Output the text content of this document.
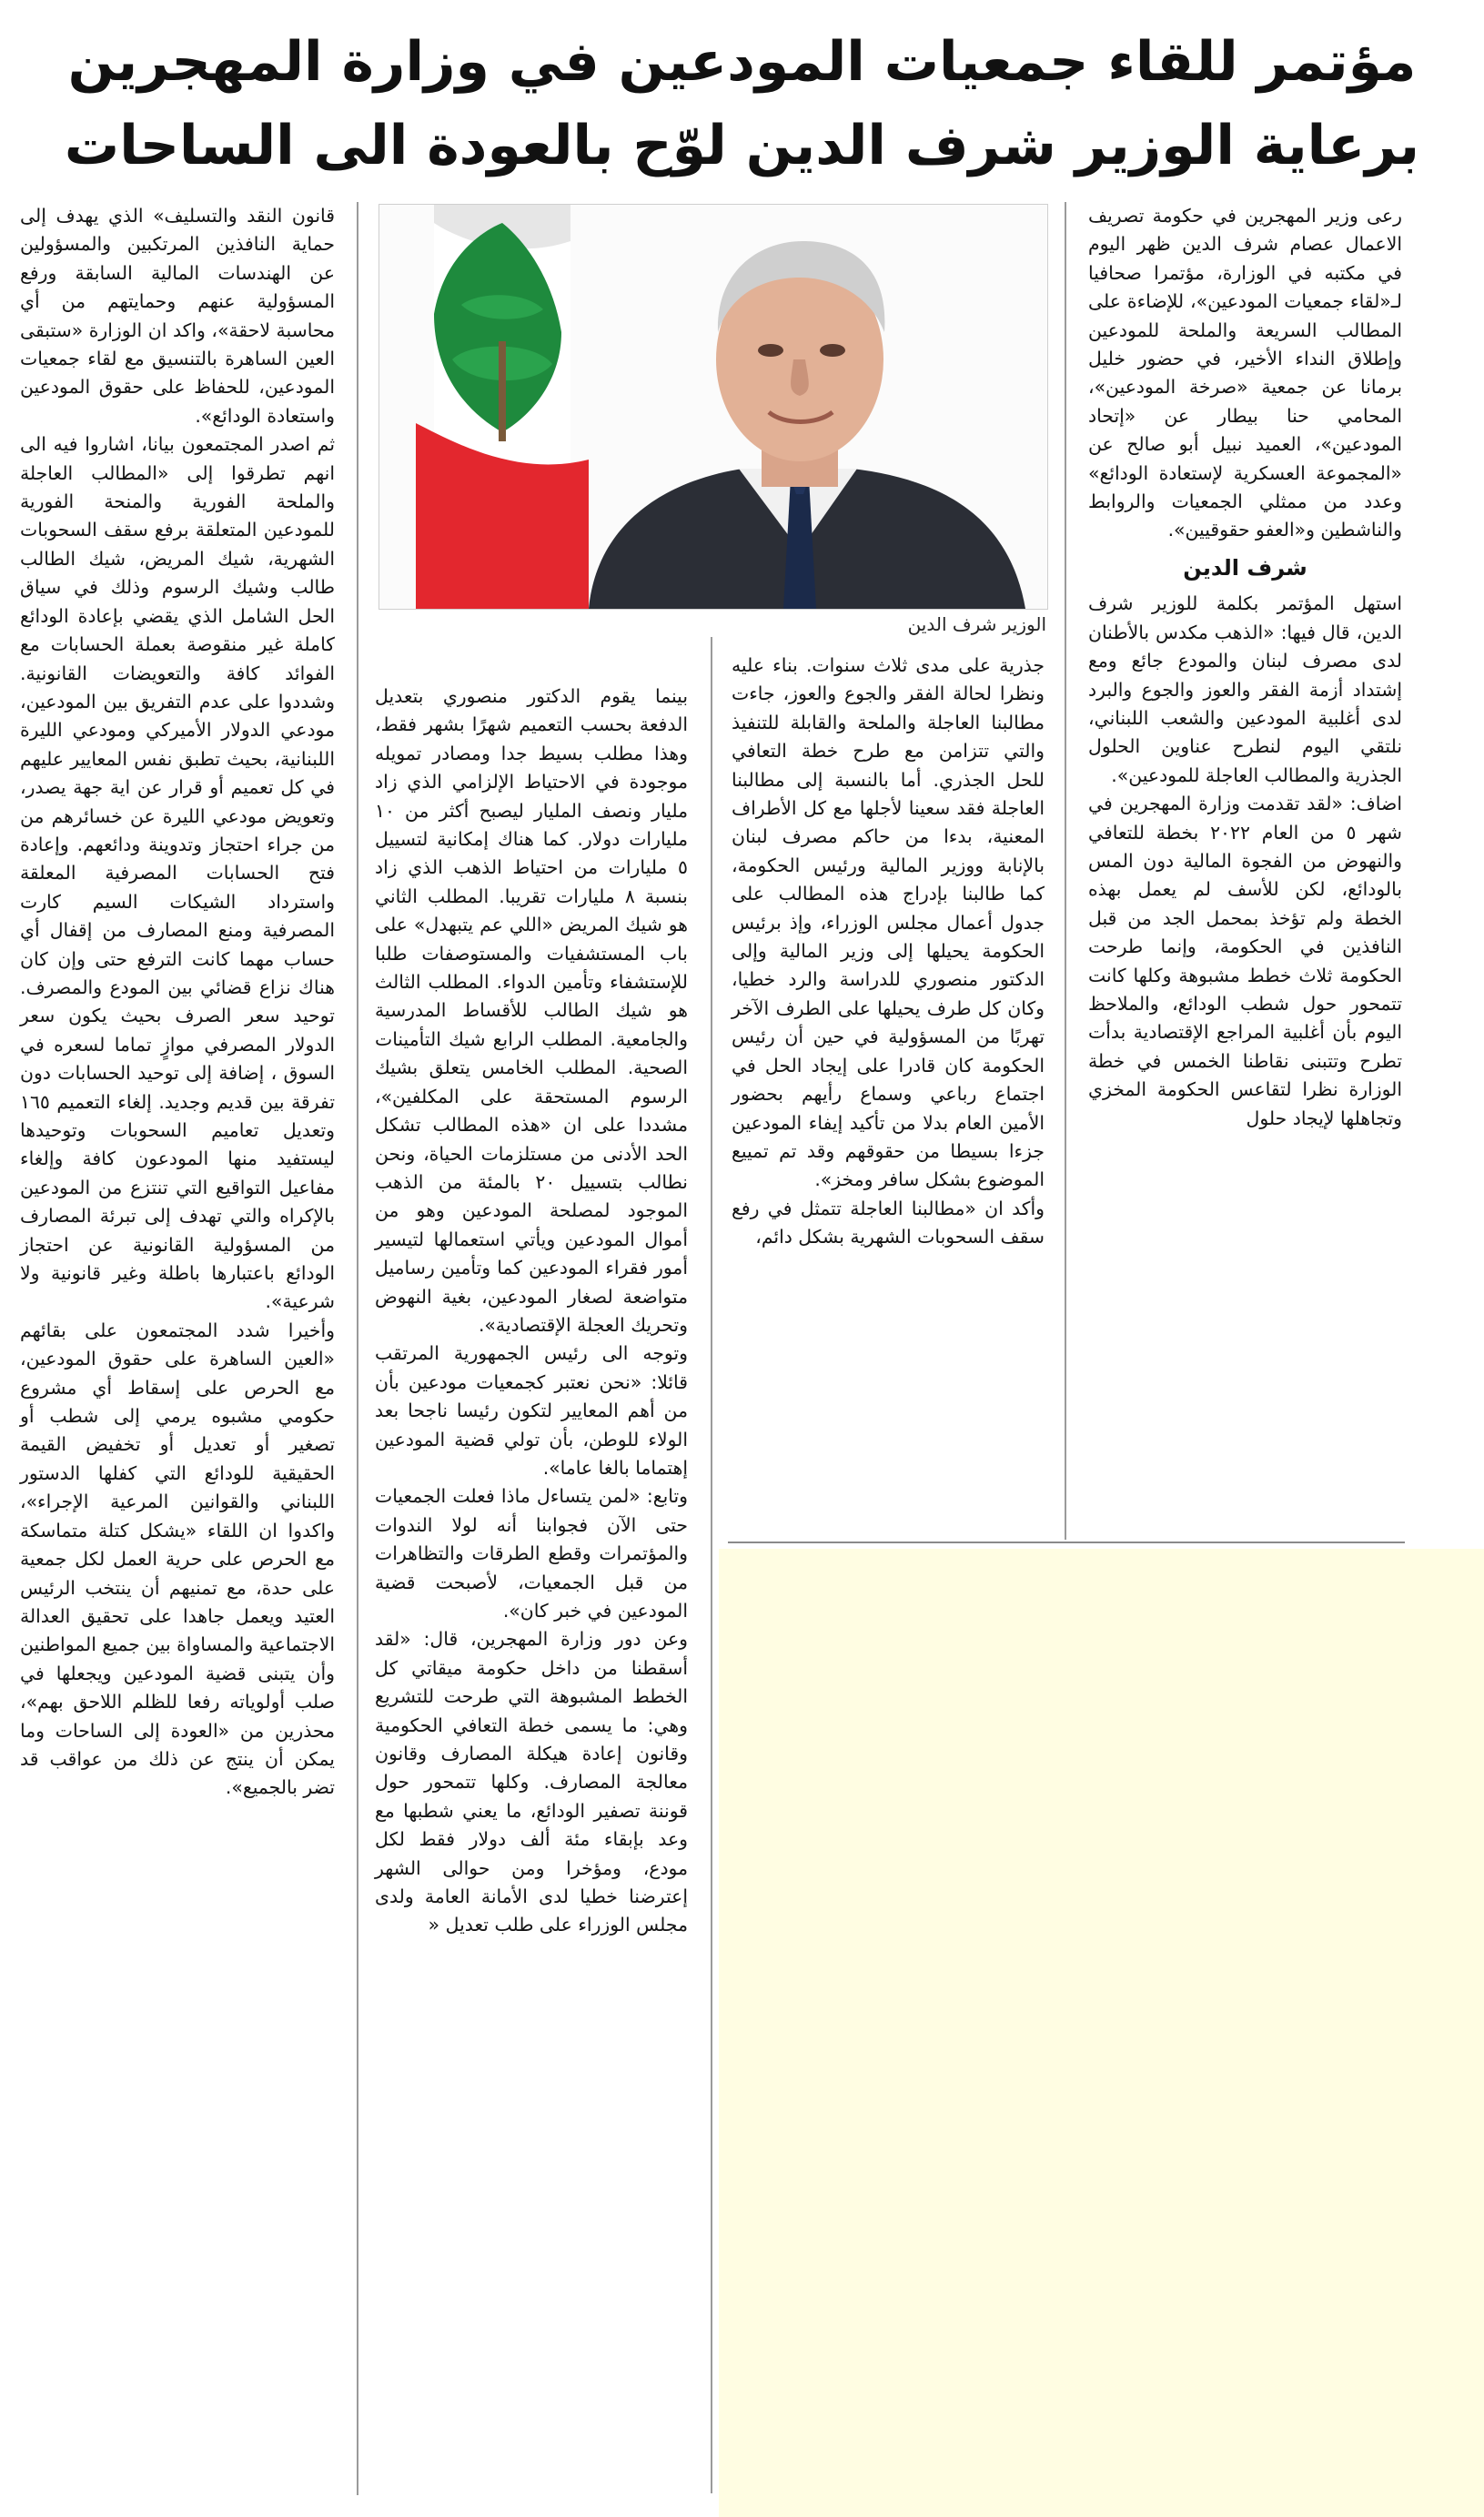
مؤتمر للقاء جمعيات المودعين في وزارة المهجرين
برعاية الوزير شرف الدين لوّح بالعودة الى الساحات
الوزير شرف الدين

رعى وزير المهجرين في حكومة تصريف الاعمال عصام شرف الدين ظهر اليوم في مكتبه في الوزارة، مؤتمرا صحافيا لـ«لقاء جمعيات المودعين»، للإضاءة على المطالب السريعة والملحة للمودعين وإطلاق النداء الأخير، في حضور خليل برمانا عن جمعية «صرخة المودعين»، المحامي حنا بيطار عن «إتحاد المودعين»، العميد نبيل أبو صالح عن «المجموعة العسكرية لإستعادة الودائع» وعدد من ممثلي الجمعيات والروابط والناشطين و«العفو حقوقيين».

شرف الدين

استهل المؤتمر بكلمة للوزير شرف الدين، قال فيها: «الذهب مكدس بالأطنان لدى مصرف لبنان والمودع جائع ومع إشتداد أزمة الفقر والعوز والجوع والبرد لدى أغلبية المودعين والشعب اللبناني، نلتقي اليوم لنطرح عناوين الحلول الجذرية والمطالب العاجلة للمودعين».

اضاف: «لقد تقدمت وزارة المهجرين في شهر ٥ من العام ٢٠٢٢ بخطة للتعافي والنهوض من الفجوة المالية دون المس بالودائع، لكن للأسف لم يعمل بهذه الخطة ولم تؤخذ بمحمل الجد من قبل النافذين في الحكومة، وإنما طرحت الحكومة ثلاث خطط مشبوهة وكلها كانت تتمحور حول شطب الودائع، والملاحظ اليوم بأن أغلبية المراجع الإقتصادية بدأت تطرح وتتبنى نقاطنا الخمس في خطة الوزارة نظرا لتقاعس الحكومة المخزي وتجاهلها لإيجاد حلول

جذرية على مدى ثلاث سنوات. بناء عليه ونظرا لحالة الفقر والجوع والعوز، جاءت مطالبنا العاجلة والملحة والقابلة للتنفيذ والتي تتزامن مع طرح خطة التعافي للحل الجذري. أما بالنسبة إلى مطالبنا العاجلة فقد سعينا لأجلها مع كل الأطراف المعنية، بدءا من حاكم مصرف لبنان بالإنابة ووزير المالية ورئيس الحكومة، كما طالبنا بإدراج هذه المطالب على جدول أعمال مجلس الوزراء، وإذ برئيس الحكومة يحيلها إلى وزير المالية وإلى الدكتور منصوري للدراسة والرد خطيا، وكان كل طرف يحيلها على الطرف الآخر تهربًا من المسؤولية في حين أن رئيس الحكومة كان قادرا على إيجاد الحل في اجتماع رباعي وسماع رأيهم بحضور الأمين العام بدلا من تأكيد إيفاء المودعين جزءا بسيطا من حقوقهم وقد تم تمييع الموضوع بشكل سافر ومخز».

وأكد ان «مطالبنا العاجلة تتمثل في رفع سقف السحوبات الشهرية بشكل دائم،

بينما يقوم الدكتور منصوري بتعديل الدفعة بحسب التعميم شهرًا بشهر فقط، وهذا مطلب بسيط جدا ومصادر تمويله موجودة في الاحتياط الإلزامي الذي زاد مليار ونصف المليار ليصبح أكثر من ١٠ مليارات دولار. كما هناك إمكانية لتسييل ٥ مليارات من احتياط الذهب الذي زاد بنسبة ٨ مليارات تقريبا. المطلب الثاني هو شيك المريض «اللي عم يتبهدل» على باب المستشفيات والمستوصفات طلبا للإستشفاء وتأمين الدواء. المطلب الثالث هو شيك الطالب للأقساط المدرسية والجامعية. المطلب الرابع شيك التأمينات الصحية. المطلب الخامس يتعلق بشيك الرسوم المستحقة على المكلفين»، مشددا على ان «هذه المطالب تشكل الحد الأدنى من مستلزمات الحياة، ونحن نطالب بتسييل ٢٠ بالمئة من الذهب الموجود لمصلحة المودعين وهو من أموال المودعين ويأتي استعمالها لتيسير أمور فقراء المودعين كما وتأمين رساميل متواضعة لصغار المودعين، بغية النهوض وتحريك العجلة الإقتصادية».

وتوجه الى رئيس الجمهورية المرتقب قائلا: «نحن نعتبر كجمعيات مودعين بأن من أهم المعايير لتكون رئيسا ناجحا بعد الولاء للوطن، بأن تولي قضية المودعين إهتماما بالغا عاما».

وتابع: «لمن يتساءل ماذا فعلت الجمعيات حتى الآن فجوابنا أنه لولا الندوات والمؤتمرات وقطع الطرقات والتظاهرات من قبل الجمعيات، لأصبحت قضية المودعين في خبر كان».

وعن دور وزارة المهجرين، قال: «لقد أسقطنا من داخل حكومة ميقاتي كل الخطط المشبوهة التي طرحت للتشريع وهي: ما يسمى خطة التعافي الحكومية وقانون إعادة هيكلة المصارف وقانون معالجة المصارف. وكلها تتمحور حول قوننة تصفير الودائع، ما يعني شطبها مع وعد بإبقاء مئة ألف دولار فقط لكل مودع، ومؤخرا ومن حوالى الشهر إعترضنا خطيا لدى الأمانة العامة ولدى مجلس الوزراء على طلب تعديل «

قانون النقد والتسليف» الذي يهدف إلى حماية النافذين المرتكبين والمسؤولين عن الهندسات المالية السابقة ورفع المسؤولية عنهم وحمايتهم من أي محاسبة لاحقة»، واكد ان الوزارة «ستبقى العين الساهرة بالتنسيق مع لقاء جمعيات المودعين، للحفاظ على حقوق المودعين واستعادة الودائع».

ثم اصدر المجتمعون بيانا، اشاروا فيه الى انهم تطرقوا إلى «المطالب العاجلة والملحة الفورية والمنحة الفورية للمودعين المتعلقة برفع سقف السحوبات الشهرية، شيك المريض، شيك الطالب طالب وشيك الرسوم وذلك في سياق الحل الشامل الذي يقضي بإعادة الودائع كاملة غير منقوصة بعملة الحسابات مع الفوائد كافة والتعويضات القانونية. وشددوا على عدم التفريق بين المودعين، مودعي الدولار الأميركي ومودعي الليرة اللبنانية، بحيث تطبق نفس المعايير عليهم في كل تعميم أو قرار عن اية جهة يصدر، وتعويض مودعي الليرة عن خسائرهم من من جراء احتجاز وتدوينة ودائعهم. وإعادة فتح الحسابات المصرفية المعلقة واسترداد الشيكات السيم كارت المصرفية ومنع المصارف من إقفال أي حساب مهما كانت الترفع حتى وإن كان هناك نزاع قضائي بين المودع والمصرف. توحيد سعر الصرف بحيث يكون سعر الدولار المصرفي موازٍ تماما لسعره في السوق ، إضافة إلى توحيد الحسابات دون تفرقة بين قديم وجديد. إلغاء التعميم ١٦٥ وتعديل تعاميم السحوبات وتوحيدها ليستفيد منها المودعون كافة وإلغاء مفاعيل التواقيع التي تنتزع من المودعين بالإكراه والتي تهدف إلى تبرئة المصارف من المسؤولية القانونية عن احتجاز الودائع باعتبارها باطلة وغير قانونية ولا شرعية».

وأخيرا شدد المجتمعون على بقائهم «العين الساهرة على حقوق المودعين، مع الحرص على إسقاط أي مشروع حكومي مشبوه يرمي إلى شطب أو تصغير أو تعديل أو تخفيض القيمة الحقيقية للودائع التي كفلها الدستور اللبناني والقوانين المرعية الإجراء»، واكدوا ان اللقاء «يشكل كتلة متماسكة مع الحرص على حرية العمل لكل جمعية على حدة، مع تمنيهم أن ينتخب الرئيس العتيد ويعمل جاهدا على تحقيق العدالة الاجتماعية والمساواة بين جميع المواطنين وأن يتبنى قضية المودعين ويجعلها في صلب أولوياته رفعا للظلم اللاحق بهم»، محذرين من «العودة إلى الساحات وما يمكن أن ينتج عن ذلك من عواقب قد تضر بالجميع».
